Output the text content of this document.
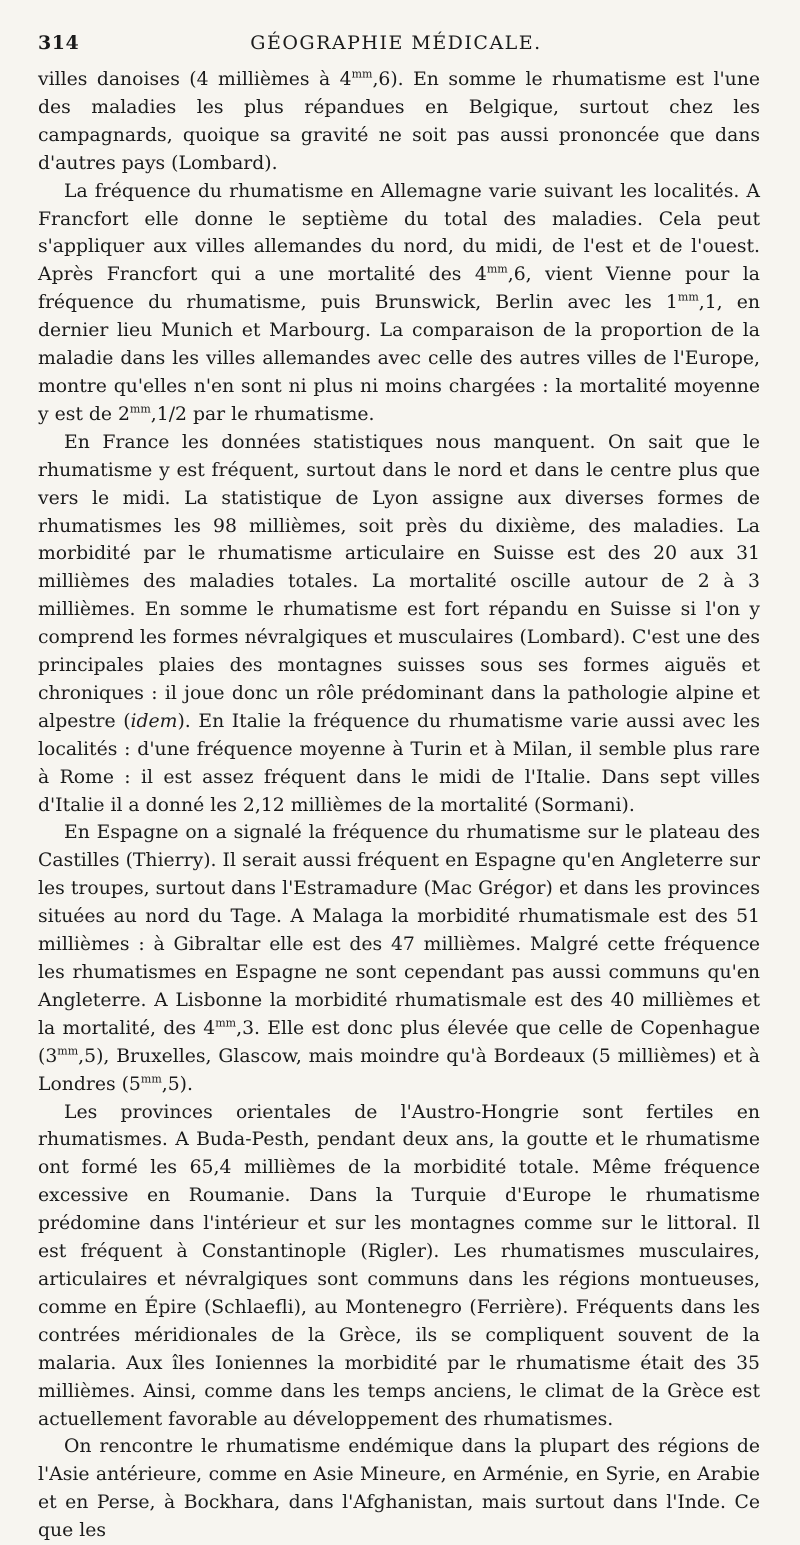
314	GÉOGRAPHIE MÉDICALE.

villes danoises (4 millièmes à $4^{mm},6$). En somme le rhumatisme est l'une des maladies les plus répandues en Belgique, surtout chez les campagnards, quoique sa gravité ne soit pas aussi prononcée que dans d'autres pays (Lombard).

La fréquence du rhumatisme en Allemagne varie suivant les localités. A Francfort elle donne le septième du total des maladies. Cela peut s'appliquer aux villes allemandes du nord, du midi, de l'est et de l'ouest. Après Francfort qui a une mortalité des $4^{mm},6$, vient Vienne pour la fréquence du rhumatisme, puis Brunswick, Berlin avec les $1^{mm},1$, en dernier lieu Munich et Marbourg. La comparaison de la proportion de la maladie dans les villes allemandes avec celle des autres villes de l'Europe, montre qu'elles n'en sont ni plus ni moins chargées : la mortalité moyenne y est de $2^{mm},1/2$ par le rhumatisme.

En France les données statistiques nous manquent. On sait que le rhumatisme y est fréquent, surtout dans le nord et dans le centre plus que vers le midi. La statistique de Lyon assigne aux diverses formes de rhumatismes les 98 millièmes, soit près du dixième, des maladies. La morbidité par le rhumatisme articulaire en Suisse est des 20 aux 31 millièmes des maladies totales. La mortalité oscille autour de 2 à 3 millièmes. En somme le rhumatisme est fort répandu en Suisse si l'on y comprend les formes névralgiques et musculaires (Lombard). C'est une des principales plaies des montagnes suisses sous ses formes aiguës et chroniques : il joue donc un rôle prédominant dans la pathologie alpine et alpestre (idem). En Italie la fréquence du rhumatisme varie aussi avec les localités : d'une fréquence moyenne à Turin et à Milan, il semble plus rare à Rome : il est assez fréquent dans le midi de l'Italie. Dans sept villes d'Italie il a donné les 2,12 millièmes de la mortalité (Sormani).

En Espagne on a signalé la fréquence du rhumatisme sur le plateau des Castilles (Thierry). Il serait aussi fréquent en Espagne qu'en Angleterre sur les troupes, surtout dans l'Estramadure (Mac Grégor) et dans les provinces situées au nord du Tage. A Malaga la morbidité rhumatismale est des 51 millièmes : à Gibraltar elle est des 47 millièmes. Malgré cette fréquence les rhumatismes en Espagne ne sont cependant pas aussi communs qu'en Angleterre. A Lisbonne la morbidité rhumatismale est des 40 millièmes et la mortalité, des $4^{mm},3$. Elle est donc plus élevée que celle de Copenhague $(3^{mm},5)$, Bruxelles, Glascow, mais moindre qu'à Bordeaux (5 millièmes) et à Londres $(5^{mm},5)$.

Les provinces orientales de l'Austro-Hongrie sont fertiles en rhumatismes. A Buda-Pesth, pendant deux ans, la goutte et le rhumatisme ont formé les 65,4 millièmes de la morbidité totale. Même fréquence excessive en Roumanie. Dans la Turquie d'Europe le rhumatisme prédomine dans l'intérieur et sur les montagnes comme sur le littoral. Il est fréquent à Constantinople (Rigler). Les rhumatismes musculaires, articulaires et névralgiques sont communs dans les régions montueuses, comme en Épire (Schlaefli), au Montenegro (Ferrière). Fréquents dans les contrées méridionales de la Grèce, ils se compliquent souvent de la malaria. Aux îles Ioniennes la morbidité par le rhumatisme était des 35 millièmes. Ainsi, comme dans les temps anciens, le climat de la Grèce est actuellement favorable au développement des rhumatismes.

On rencontre le rhumatisme endémique dans la plupart des régions de l'Asie antérieure, comme en Asie Mineure, en Arménie, en Syrie, en Arabie et en Perse, à Bockhara, dans l'Afghanistan, mais surtout dans l'Inde. Ce que les
